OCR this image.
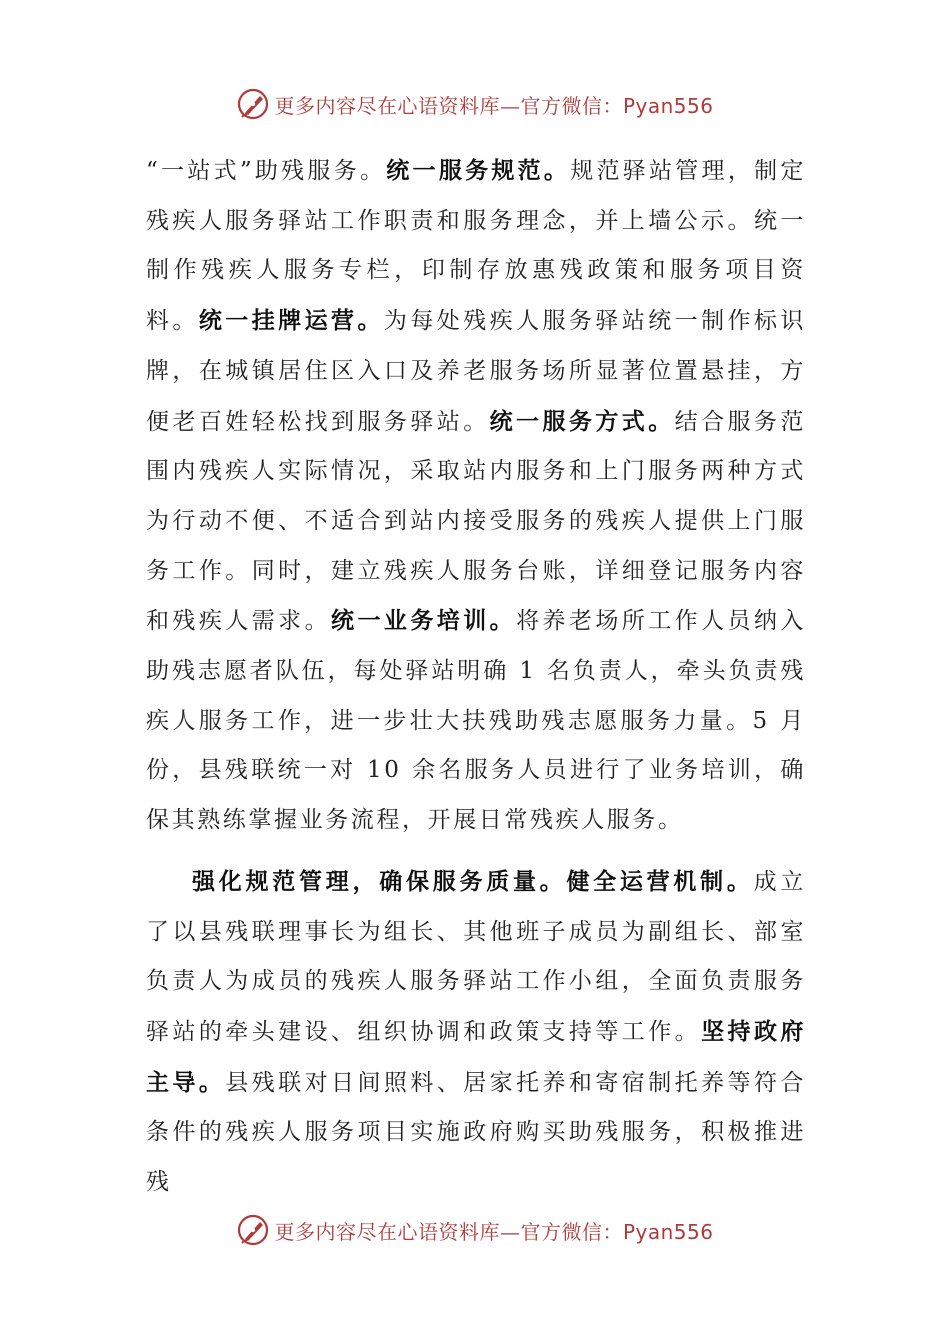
更多内容尽在心语资料库—官方微信：Pyan556

“一站式”助残服务。统一服务规范。规范驿站管理，制定残疾人服务驿站工作职责和服务理念，并上墙公示。统一制作残疾人服务专栏，印制存放惠残政策和服务项目资料。统一挂牌运营。为每处残疾人服务驿站统一制作标识牌，在城镇居住区入口及养老服务场所显著位置悬挂，方便老百姓轻松找到服务驿站。统一服务方式。结合服务范围内残疾人实际情况，采取站内服务和上门服务两种方式为行动不便、不适合到站内接受服务的残疾人提供上门服务工作。同时，建立残疾人服务台账，详细登记服务内容和残疾人需求。统一业务培训。将养老场所工作人员纳入助残志愿者队伍，每处驿站明确 1 名负责人，牵头负责残疾人服务工作，进一步壮大扶残助残志愿服务力量。5 月份，县残联统一对 10 余名服务人员进行了业务培训，确保其熟练掌握业务流程，开展日常残疾人服务。

强化规范管理，确保服务质量。健全运营机制。成立了以县残联理事长为组长、其他班子成员为副组长、部室负责人为成员的残疾人服务驿站工作小组，全面负责服务驿站的牵头建设、组织协调和政策支持等工作。坚持政府主导。县残联对日间照料、居家托养和寄宿制托养等符合条件的残疾人服务项目实施政府购买助残服务，积极推进残

更多内容尽在心语资料库—官方微信：Pyan556
